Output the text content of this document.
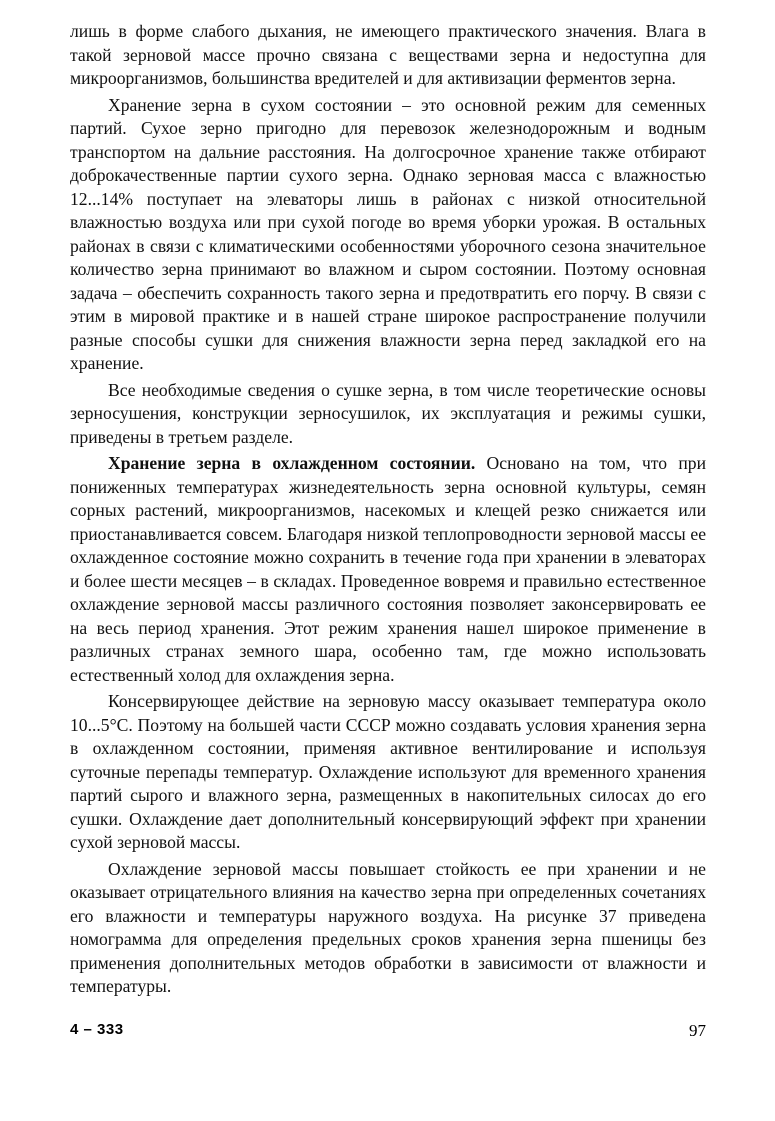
лишь в форме слабого дыхания, не имеющего практического значения. Влага в такой зерновой массе прочно связана с веществами зерна и недоступна для микроорганизмов, большинства вредителей и для активизации ферментов зерна.

Хранение зерна в сухом состоянии – это основной режим для семенных партий. Сухое зерно пригодно для перевозок железнодорожным и водным транспортом на дальние расстояния. На долгосрочное хранение также отбирают доброкачественные партии сухого зерна. Однако зерновая масса с влажностью 12...14% поступает на элеваторы лишь в районах с низкой относительной влажностью воздуха или при сухой погоде во время уборки урожая. В остальных районах в связи с климатическими особенностями уборочного сезона значительное количество зерна принимают во влажном и сыром состоянии. Поэтому основная задача – обеспечить сохранность такого зерна и предотвратить его порчу. В связи с этим в мировой практике и в нашей стране широкое распространение получили разные способы сушки для снижения влажности зерна перед закладкой его на хранение.

Все необходимые сведения о сушке зерна, в том числе теоретические основы зерносушения, конструкции зерносушилок, их эксплуатация и режимы сушки, приведены в третьем разделе.

Хранение зерна в охлажденном состоянии. Основано на том, что при пониженных температурах жизнедеятельность зерна основной культуры, семян сорных растений, микроорганизмов, насекомых и клещей резко снижается или приостанавливается совсем. Благодаря низкой теплопроводности зерновой массы ее охлажденное состояние можно сохранить в течение года при хранении в элеваторах и более шести месяцев – в складах. Проведенное вовремя и правильно естественное охлаждение зерновой массы различного состояния позволяет законсервировать ее на весь период хранения. Этот режим хранения нашел широкое применение в различных странах земного шара, особенно там, где можно использовать естественный холод для охлаждения зерна.

Консервирующее действие на зерновую массу оказывает температура около 10...5°С. Поэтому на большей части СССР можно создавать условия хранения зерна в охлажденном состоянии, применяя активное вентилирование и используя суточные перепады температур. Охлаждение используют для временного хранения партий сырого и влажного зерна, размещенных в накопительных силосах до его сушки. Охлаждение дает дополнительный консервирующий эффект при хранении сухой зерновой массы.

Охлаждение зерновой массы повышает стойкость ее при хранении и не оказывает отрицательного влияния на качество зерна при определенных сочетаниях его влажности и температуры наружного воздуха. На рисунке 37 приведена номограмма для определения предельных сроков хранения зерна пшеницы без применения дополнительных методов обработки в зависимости от влажности и температуры.

4 – 333	97
